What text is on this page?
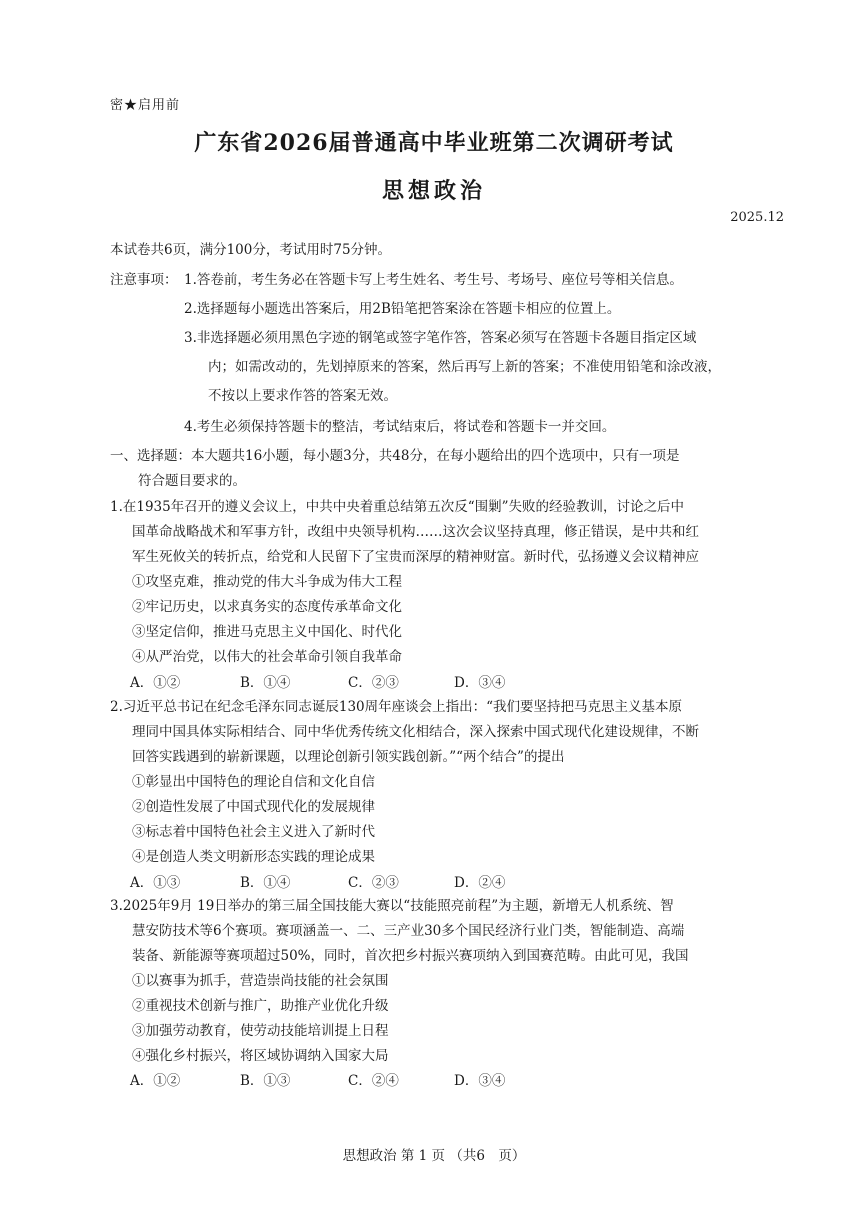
密★启用前
广东省2026届普通高中毕业班第二次调研考试
思想政治
2025.12
本试卷共6页，满分100分，考试用时75分钟。
注意事项： 1.答卷前，考生务必在答题卡写上考生姓名、考生号、考场号、座位号等相关信息。
2.选择题每小题选出答案后，用2B铅笔把答案涂在答题卡相应的位置上。
3.非选择题必须用黑色字迹的钢笔或签字笔作答，答案必须写在答题卡各题目指定区域
内；如需改动的，先划掉原来的答案，然后再写上新的答案；不准使用铅笔和涂改液，
不按以上要求作答的答案无效。
4.考生必须保持答题卡的整洁，考试结束后，将试卷和答题卡一并交回。
一、选择题：本大题共16小题，每小题3分，共48分，在每小题给出的四个选项中，只有一项是
符合题目要求的。
1.在1935年召开的遵义会议上，中共中央着重总结第五次反“围剿”失败的经验教训，讨论之后中
国革命战略战术和军事方针，改组中央领导机构……这次会议坚持真理，修正错误，是中共和红
军生死攸关的转折点，给党和人民留下了宝贵而深厚的精神财富。新时代，弘扬遵义会议精神应
①攻坚克难，推动党的伟大斗争成为伟大工程
②牢记历史，以求真务实的态度传承革命文化
③坚定信仰，推进马克思主义中国化、时代化
④从严治党，以伟大的社会革命引领自我革命
A．①②	B．①④	C．②③	D．③④
2.习近平总书记在纪念毛泽东同志诞辰130周年座谈会上指出：“我们要坚持把马克思主义基本原
理同中国具体实际相结合、同中华优秀传统文化相结合，深入探索中国式现代化建设规律，不断
回答实践遇到的崭新课题，以理论创新引领实践创新。”“两个结合”的提出
①彰显出中国特色的理论自信和文化自信
②创造性发展了中国式现代化的发展规律
③标志着中国特色社会主义进入了新时代
④是创造人类文明新形态实践的理论成果
A．①③	B．①④	C．②③	D．②④
3.2025年9月 19日举办的第三届全国技能大赛以“技能照亮前程”为主题，新增无人机系统、智
慧安防技术等6个赛项。赛项涵盖一、二、三产业30多个国民经济行业门类，智能制造、高端
装备、新能源等赛项超过50%，同时，首次把乡村振兴赛项纳入到国赛范畴。由此可见，我国
①以赛事为抓手，营造崇尚技能的社会氛围
②重视技术创新与推广，助推产业优化升级
③加强劳动教育，使劳动技能培训提上日程
④强化乡村振兴，将区域协调纳入国家大局
A．①②	B．①③	C．②④	D．③④
思想政治 第 1 页 （共6　页）
